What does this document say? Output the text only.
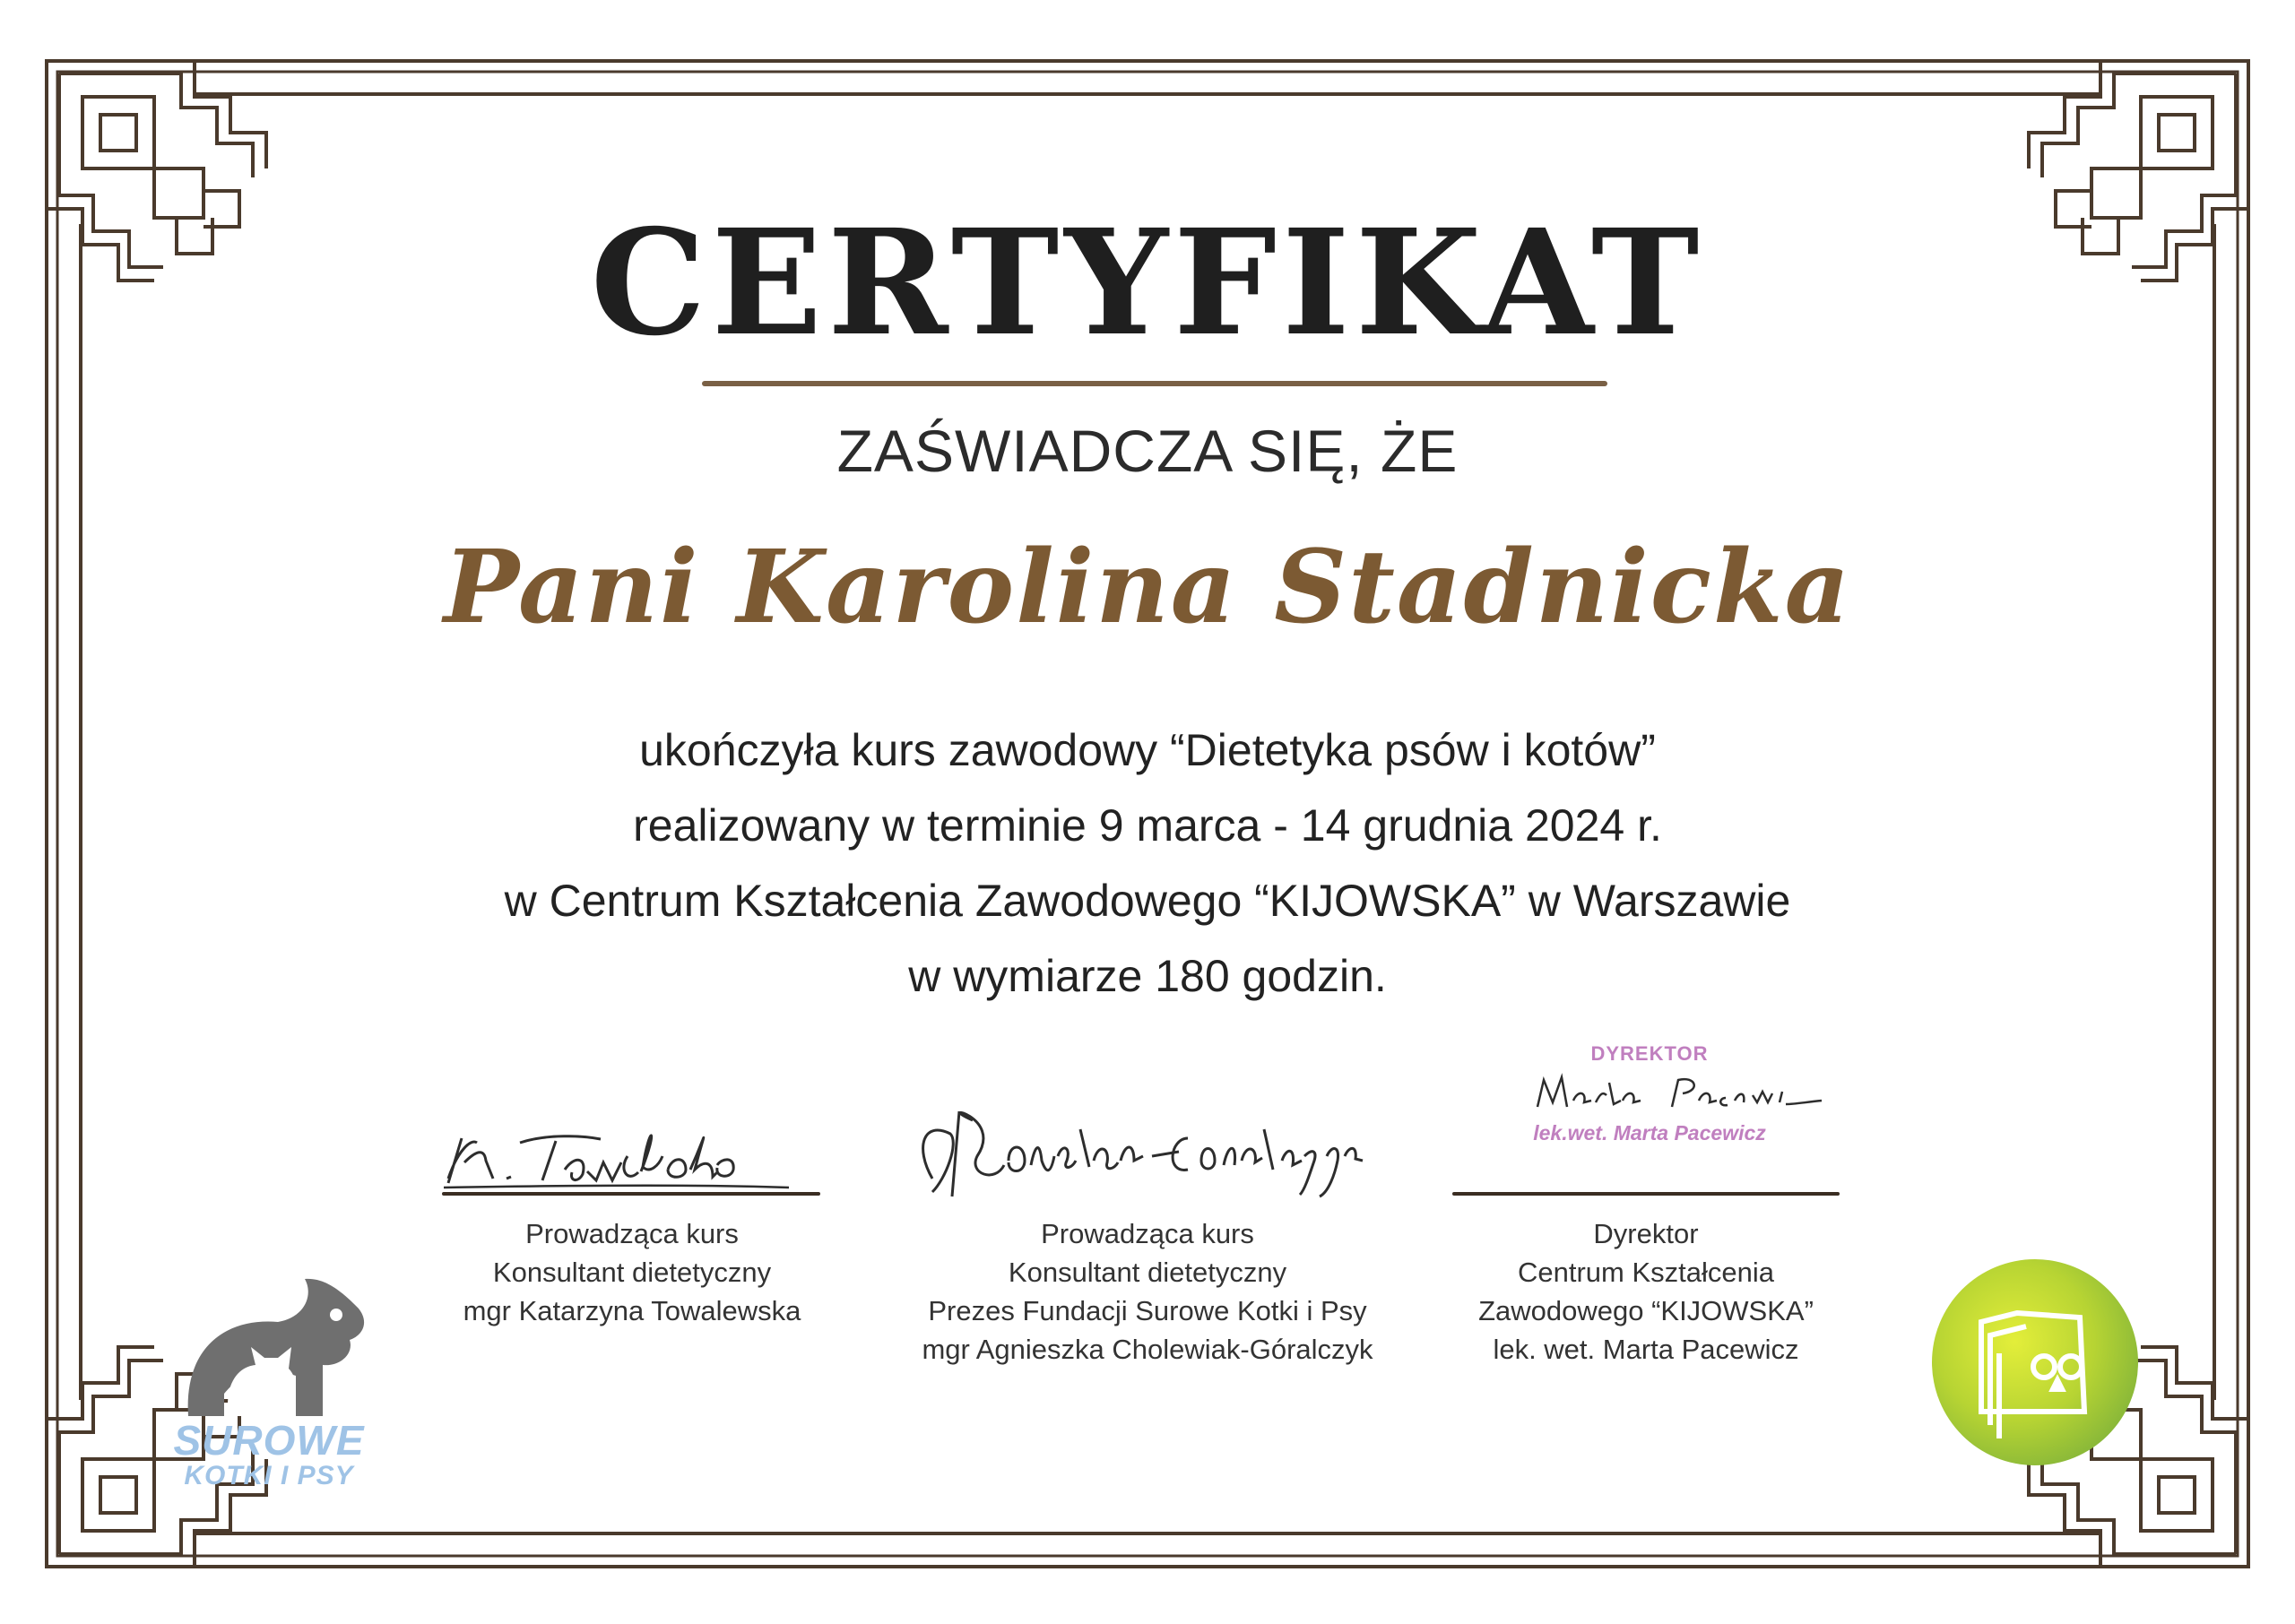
CERTYFIKAT
ZAŚWIADCZA SIĘ, ŻE
Pani Karolina Stadnicka
ukończyła kurs zawodowy “Dietetyka psów i kotów”
realizowany w terminie 9 marca - 14 grudnia 2024 r.
w Centrum Kształcenia Zawodowego “KIJOWSKA” w Warszawie
w wymiarze 180 godzin.
Prowadząca kurs
Konsultant dietetyczny
mgr Katarzyna Towalewska
Prowadząca kurs
Konsultant dietetyczny
Prezes Fundacji Surowe Kotki i Psy
mgr Agnieszka Cholewiak-Góralczyk
DYREKTOR
lek.wet. Marta Pacewicz
Dyrektor
Centrum Kształcenia
Zawodowego “KIJOWSKA”
lek. wet. Marta Pacewicz
SUROWE
KOTKI I PSY
